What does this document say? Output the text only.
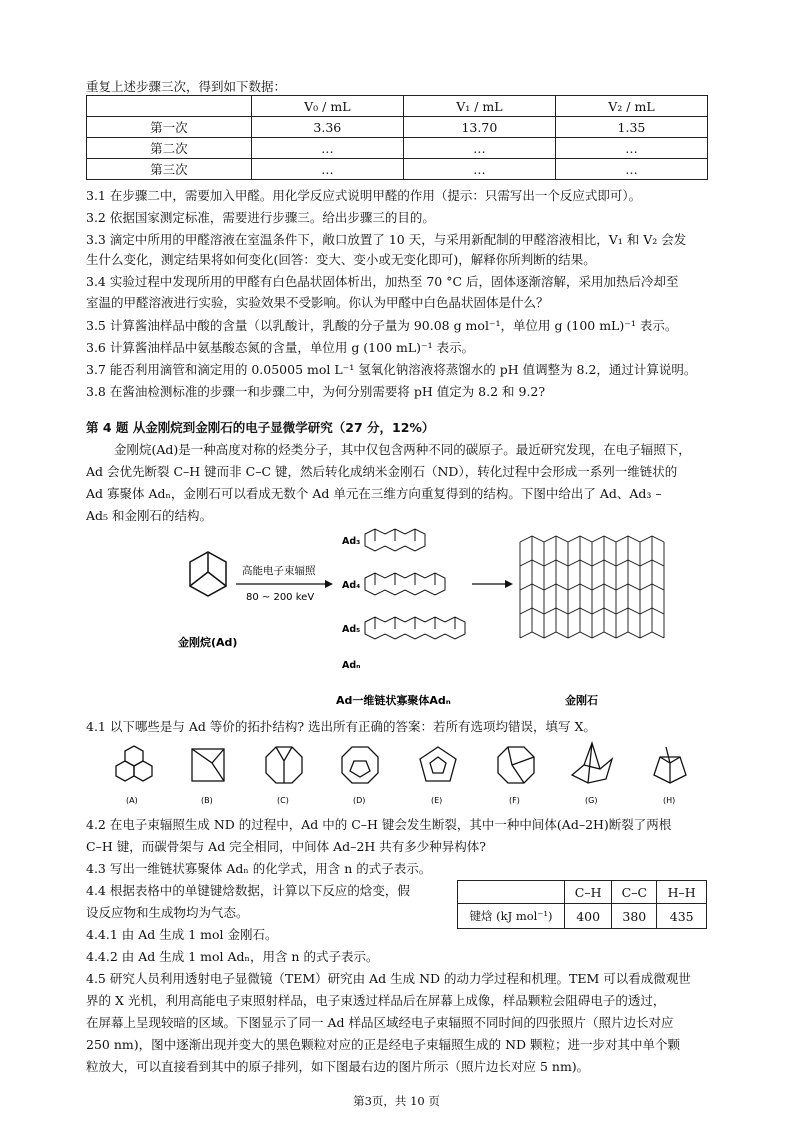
重复上述步骤三次，得到如下数据：
	V₀ / mL	V₁ / mL	V₂ / mL
第一次	3.36	13.70	1.35
第二次	…	…	…
第三次	…	…	…
3.1 在步骤二中，需要加入甲醛。用化学反应式说明甲醛的作用（提示：只需写出一个反应式即可）。
3.2 依据国家测定标准，需要进行步骤三。给出步骤三的目的。
3.3 滴定中所用的甲醛溶液在室温条件下，敞口放置了 10 天，与采用新配制的甲醛溶液相比，V₁ 和 V₂ 会发
生什么变化，测定结果将如何变化(回答：变大、变小或无变化即可)，解释你所判断的结果。
3.4 实验过程中发现所用的甲醛有白色晶状固体析出，加热至 70 °C 后，固体逐渐溶解，采用加热后冷却至
室温的甲醛溶液进行实验，实验效果不受影响。你认为甲醛中白色晶状固体是什么？
3.5 计算酱油样品中酸的含量（以乳酸计，乳酸的分子量为 90.08 g mol⁻¹，单位用 g (100 mL)⁻¹ 表示。
3.6 计算酱油样品中氨基酸态氮的含量，单位用 g (100 mL)⁻¹ 表示。
3.7 能否利用滴管和滴定用的 0.05005 mol L⁻¹ 氢氧化钠溶液将蒸馏水的 pH 值调整为 8.2，通过计算说明。
3.8 在酱油检测标准的步骤一和步骤二中，为何分别需要将 pH 值定为 8.2 和 9.2?
第 4 题 从金刚烷到金刚石的电子显微学研究（27 分，12%）
金刚烷(Ad)是一种高度对称的烃类分子，其中仅包含两种不同的碳原子。最近研究发现，在电子辐照下，
Ad 会优先断裂 C–H 键而非 C–C 键，然后转化成纳米金刚石（ND），转化过程中会形成一系列一维链状的
Ad 寡聚体 Adₙ，金刚石可以看成无数个 Ad 单元在三维方向重复得到的结构。下图中给出了 Ad、Ad₃ –
Ad₅ 和金刚石的结构。
高能电子束辐照
80 ~ 200 keV
金刚烷(Ad)
Ad₃
Ad₄
Ad₅
Adₙ
Ad一维链状寡聚体Adₙ	金刚石
4.1 以下哪些是与 Ad 等价的拓扑结构? 选出所有正确的答案：若所有选项均错误，填写 X。
(A)	(B)	(C)	(D)	(E)	(F)	(G)	(H)
4.2 在电子束辐照生成 ND 的过程中，Ad 中的 C–H 键会发生断裂，其中一种中间体(Ad–2H)断裂了两根
C–H 键，而碳骨架与 Ad 完全相同，中间体 Ad–2H 共有多少种异构体?
4.3 写出一维链状寡聚体 Adₙ 的化学式，用含 n 的式子表示。
4.4 根据表格中的单键键焓数据，计算以下反应的焓变，假
设反应物和生成物均为气态。
4.4.1 由 Ad 生成 1 mol 金刚石。
4.4.2 由 Ad 生成 1 mol Adₙ，用含 n 的式子表示。
	C–H	C–C	H–H
键焓 (kJ mol⁻¹)	400	380	435
4.5 研究人员利用透射电子显微镜（TEM）研究由 Ad 生成 ND 的动力学过程和机理。TEM 可以看成微观世
界的 X 光机，利用高能电子束照射样品，电子束透过样品后在屏幕上成像，样品颗粒会阻碍电子的透过，
在屏幕上呈现较暗的区域。下图显示了同一 Ad 样品区域经电子束辐照不同时间的四张照片（照片边长对应
250 nm)，图中逐渐出现并变大的黑色颗粒对应的正是经电子束辐照生成的 ND 颗粒；进一步对其中单个颗
粒放大，可以直接看到其中的原子排列，如下图最右边的图片所示（照片边长对应 5 nm)。
第3页，共 10 页
